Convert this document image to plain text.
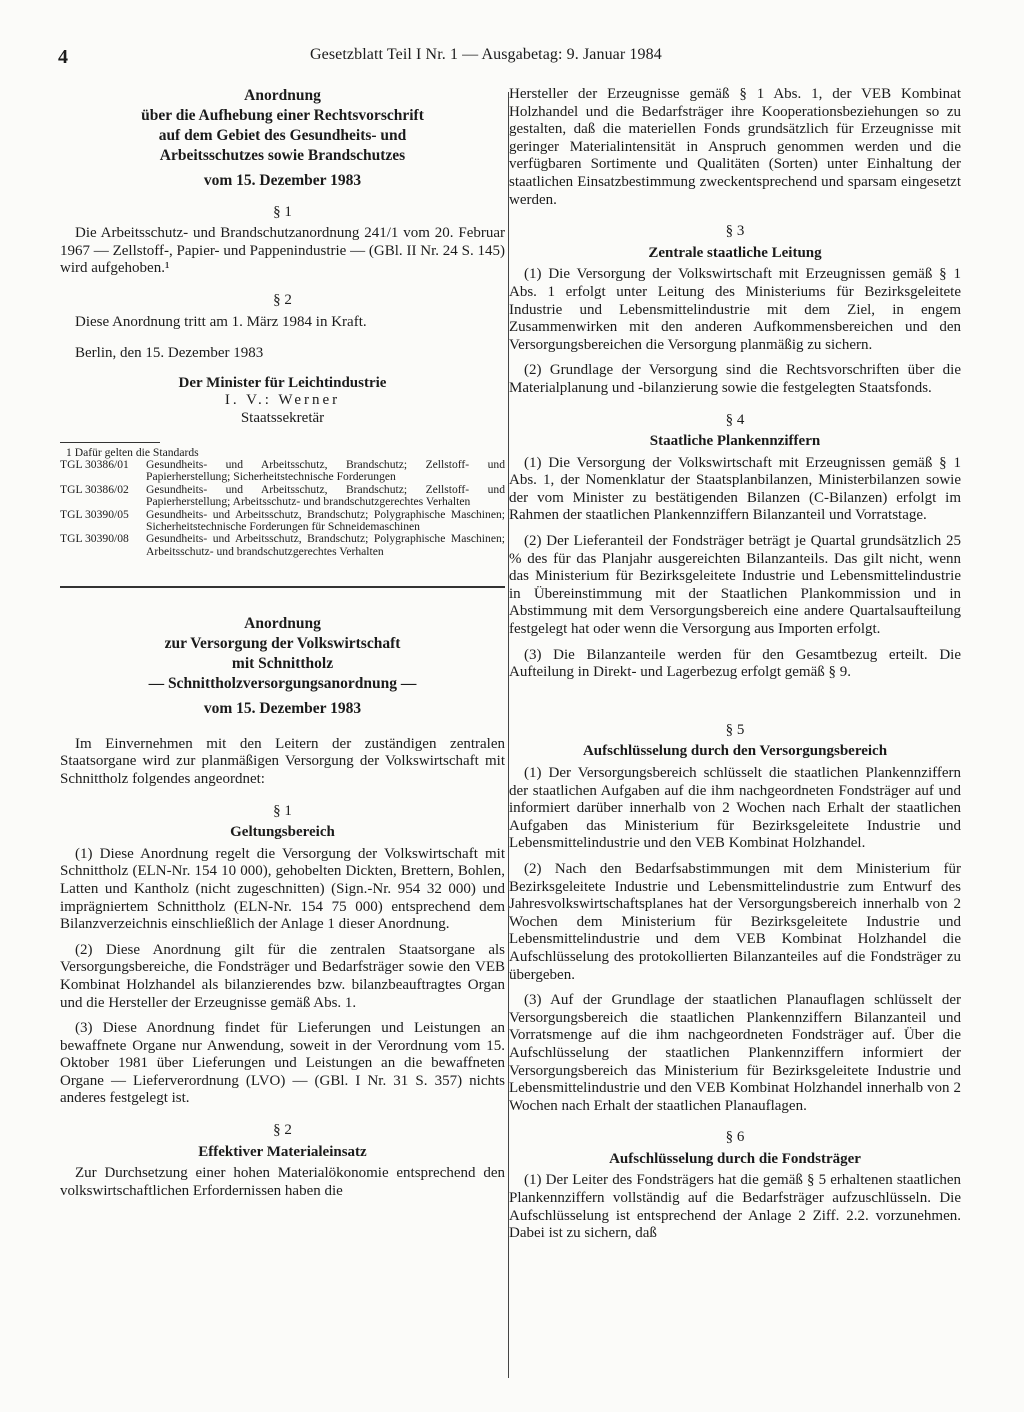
4	Gesetzblatt Teil I Nr. 1 — Ausgabetag: 9. Januar 1984
Anordnung
über die Aufhebung einer Rechtsvorschrift
auf dem Gebiet des Gesundheits- und
Arbeitsschutzes sowie Brandschutzes
vom 15. Dezember 1983
§ 1

Die Arbeitsschutz- und Brandschutzanordnung 241/1 vom 20. Februar 1967 — Zellstoff-, Papier- und Pappenindustrie — (GBl. II Nr. 24 S. 145) wird aufgehoben.¹

§ 2

Diese Anordnung tritt am 1. März 1984 in Kraft.

Berlin, den 15. Dezember 1983
Der Minister für Leichtindustrie
I. V.: Werner
Staatssekretär
1 Dafür gelten die Standards
TGL 30386/01	Gesundheits- und Arbeitsschutz, Brandschutz; Zellstoff- und Papierherstellung; Sicherheitstechnische Forderungen
TGL 30386/02	Gesundheits- und Arbeitsschutz, Brandschutz; Zellstoff- und Papierherstellung; Arbeitsschutz- und brandschutzgerechtes Verhalten
TGL 30390/05	Gesundheits- und Arbeitsschutz, Brandschutz; Polygraphische Maschinen; Sicherheitstechnische Forderungen für Schneidemaschinen
TGL 30390/08	Gesundheits- und Arbeitsschutz, Brandschutz; Polygraphische Maschinen; Arbeitsschutz- und brandschutzgerechtes Verhalten
Anordnung
zur Versorgung der Volkswirtschaft
mit Schnittholz
— Schnittholzversorgungsanordnung —
vom 15. Dezember 1983

Im Einvernehmen mit den Leitern der zuständigen zentralen Staatsorgane wird zur planmäßigen Versorgung der Volkswirtschaft mit Schnittholz folgendes angeordnet:

§ 1
Geltungsbereich

(1) Diese Anordnung regelt die Versorgung der Volkswirtschaft mit Schnittholz (ELN-Nr. 154 10 000), gehobelten Dickten, Brettern, Bohlen, Latten und Kantholz (nicht zugeschnitten) (Sign.-Nr. 954 32 000) und imprägniertem Schnittholz (ELN-Nr. 154 75 000) entsprechend dem Bilanzverzeichnis einschließlich der Anlage 1 dieser Anordnung.

(2) Diese Anordnung gilt für die zentralen Staatsorgane als Versorgungsbereiche, die Fondsträger und Bedarfsträger sowie den VEB Kombinat Holzhandel als bilanzierendes bzw. bilanzbeauftragtes Organ und die Hersteller der Erzeugnisse gemäß Abs. 1.

(3) Diese Anordnung findet für Lieferungen und Leistungen an bewaffnete Organe nur Anwendung, soweit in der Verordnung vom 15. Oktober 1981 über Lieferungen und Leistungen an die bewaffneten Organe — Lieferverordnung (LVO) — (GBl. I Nr. 31 S. 357) nichts anderes festgelegt ist.

§ 2
Effektiver Materialeinsatz

Zur Durchsetzung einer hohen Materialökonomie entsprechend den volkswirtschaftlichen Erfordernissen haben die

Hersteller der Erzeugnisse gemäß § 1 Abs. 1, der VEB Kombinat Holzhandel und die Bedarfsträger ihre Kooperationsbeziehungen so zu gestalten, daß die materiellen Fonds grundsätzlich für Erzeugnisse mit geringer Materialintensität in Anspruch genommen werden und die verfügbaren Sortimente und Qualitäten (Sorten) unter Einhaltung der staatlichen Einsatzbestimmung zweckentsprechend und sparsam eingesetzt werden.

§ 3
Zentrale staatliche Leitung

(1) Die Versorgung der Volkswirtschaft mit Erzeugnissen gemäß § 1 Abs. 1 erfolgt unter Leitung des Ministeriums für Bezirksgeleitete Industrie und Lebensmittelindustrie mit dem Ziel, in engem Zusammenwirken mit den anderen Aufkommensbereichen und den Versorgungsbereichen die Versorgung planmäßig zu sichern.

(2) Grundlage der Versorgung sind die Rechtsvorschriften über die Materialplanung und -bilanzierung sowie die festgelegten Staatsfonds.

§ 4
Staatliche Plankennziffern

(1) Die Versorgung der Volkswirtschaft mit Erzeugnissen gemäß § 1 Abs. 1, der Nomenklatur der Staatsplanbilanzen, Ministerbilanzen sowie der vom Minister zu bestätigenden Bilanzen (C-Bilanzen) erfolgt im Rahmen der staatlichen Plankennziffern Bilanzanteil und Vorratstage.

(2) Der Lieferanteil der Fondsträger beträgt je Quartal grundsätzlich 25 % des für das Planjahr ausgereichten Bilanzanteils. Das gilt nicht, wenn das Ministerium für Bezirksgeleitete Industrie und Lebensmittelindustrie in Übereinstimmung mit der Staatlichen Plankommission und in Abstimmung mit dem Versorgungsbereich eine andere Quartalsaufteilung festgelegt hat oder wenn die Versorgung aus Importen erfolgt.

(3) Die Bilanzanteile werden für den Gesamtbezug erteilt. Die Aufteilung in Direkt- und Lagerbezug erfolgt gemäß § 9.

§ 5
Aufschlüsselung durch den Versorgungsbereich

(1) Der Versorgungsbereich schlüsselt die staatlichen Plankennziffern der staatlichen Aufgaben auf die ihm nachgeordneten Fondsträger auf und informiert darüber innerhalb von 2 Wochen nach Erhalt der staatlichen Aufgaben das Ministerium für Bezirksgeleitete Industrie und Lebensmittelindustrie und den VEB Kombinat Holzhandel.

(2) Nach den Bedarfsabstimmungen mit dem Ministerium für Bezirksgeleitete Industrie und Lebensmittelindustrie zum Entwurf des Jahresvolkswirtschaftsplanes hat der Versorgungsbereich innerhalb von 2 Wochen dem Ministerium für Bezirksgeleitete Industrie und Lebensmittelindustrie und dem VEB Kombinat Holzhandel die Aufschlüsselung des protokollierten Bilanzanteiles auf die Fondsträger zu übergeben.

(3) Auf der Grundlage der staatlichen Planauflagen schlüsselt der Versorgungsbereich die staatlichen Plankennziffern Bilanzanteil und Vorratsmenge auf die ihm nachgeordneten Fondsträger auf. Über die Aufschlüsselung der staatlichen Plankennziffern informiert der Versorgungsbereich das Ministerium für Bezirksgeleitete Industrie und Lebensmittelindustrie und den VEB Kombinat Holzhandel innerhalb von 2 Wochen nach Erhalt der staatlichen Planauflagen.

§ 6
Aufschlüsselung durch die Fondsträger

(1) Der Leiter des Fondsträgers hat die gemäß § 5 erhaltenen staatlichen Plankennziffern vollständig auf die Bedarfsträger aufzuschlüsseln. Die Aufschlüsselung ist entsprechend der Anlage 2 Ziff. 2.2. vorzunehmen. Dabei ist zu sichern, daß
